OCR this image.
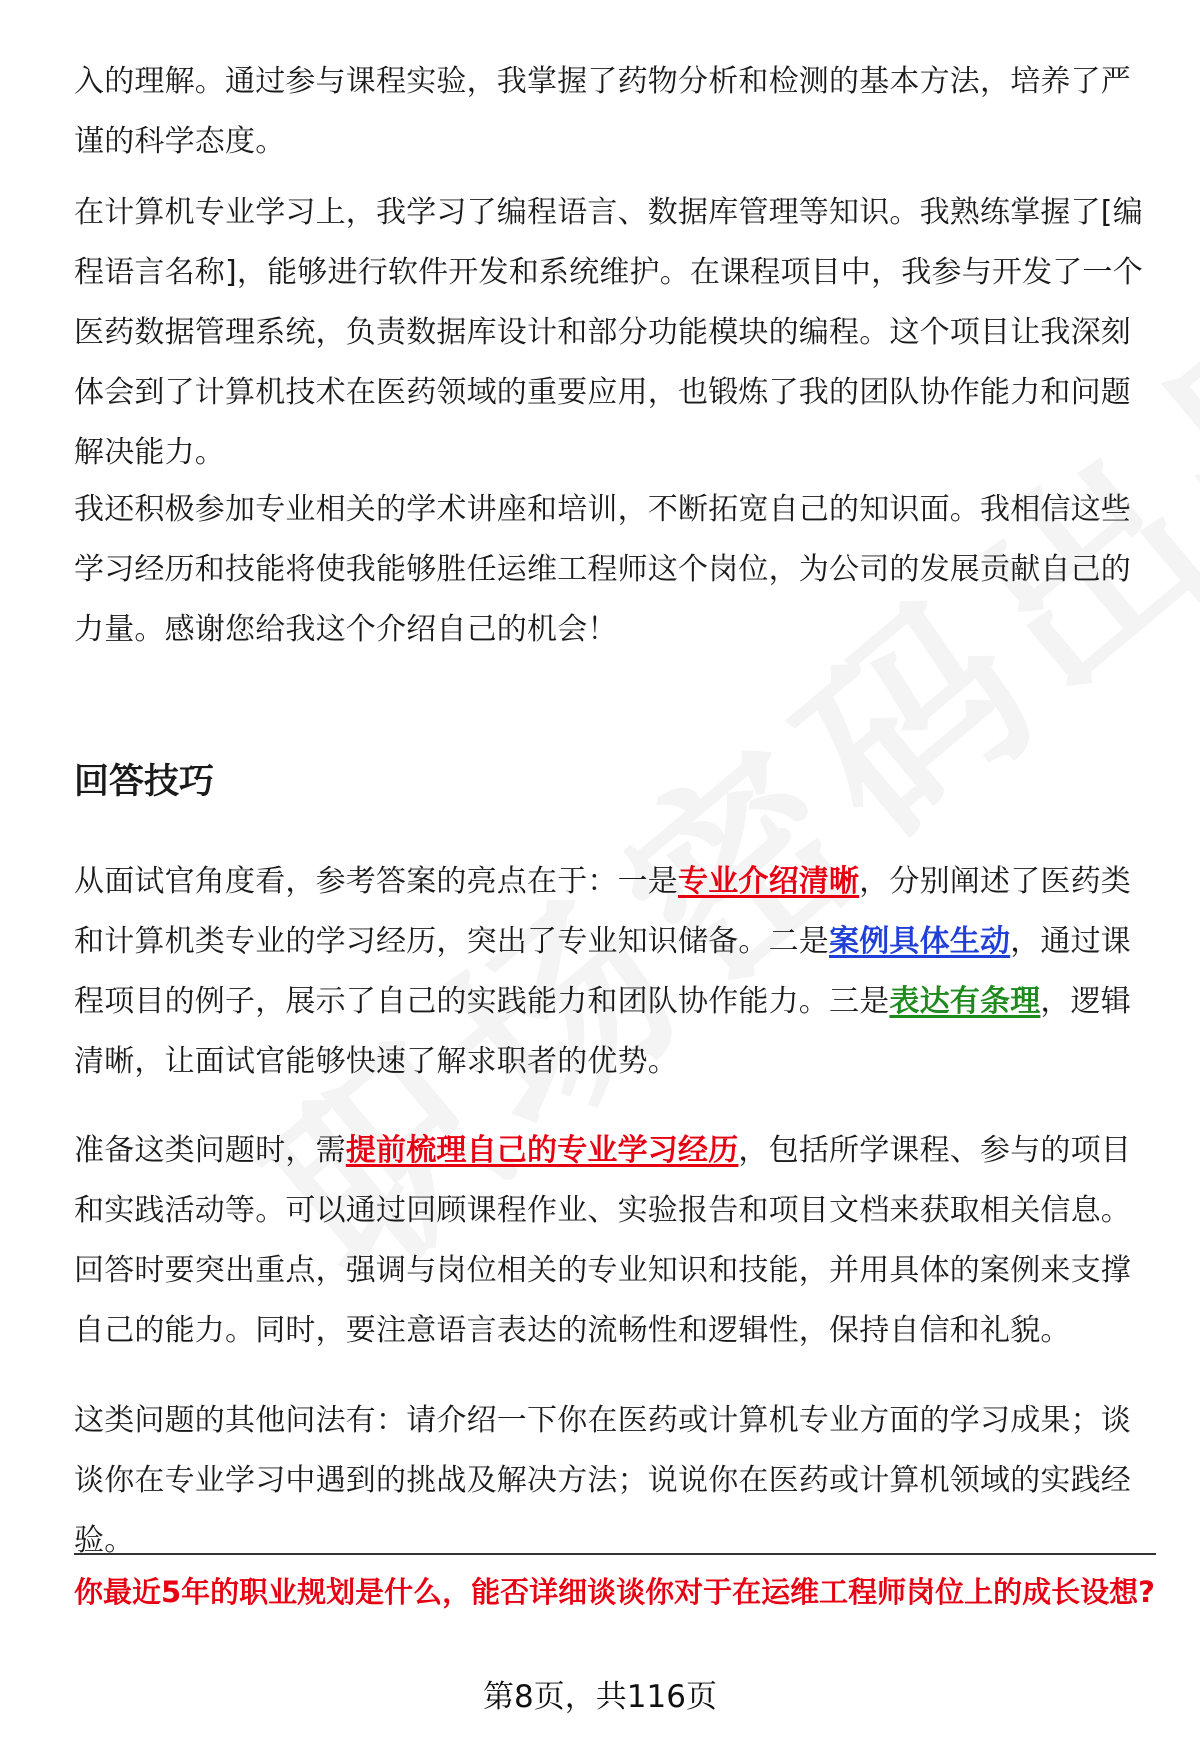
入的理解。通过参与课程实验，我掌握了药物分析和检测的基本方法，培养了严谨的科学态度。

在计算机专业学习上，我学习了编程语言、数据库管理等知识。我熟练掌握了[编程语言名称]，能够进行软件开发和系统维护。在课程项目中，我参与开发了一个医药数据管理系统，负责数据库设计和部分功能模块的编程。这个项目让我深刻体会到了计算机技术在医药领域的重要应用，也锻炼了我的团队协作能力和问题解决能力。

我还积极参加专业相关的学术讲座和培训，不断拓宽自己的知识面。我相信这些学习经历和技能将使我能够胜任运维工程师这个岗位，为公司的发展贡献自己的力量。感谢您给我这个介绍自己的机会！

回答技巧

从面试官角度看，参考答案的亮点在于：一是专业介绍清晰，分别阐述了医药类和计算机类专业的学习经历，突出了专业知识储备。二是案例具体生动，通过课程项目的例子，展示了自己的实践能力和团队协作能力。三是表达有条理，逻辑清晰，让面试官能够快速了解求职者的优势。

准备这类问题时，需提前梳理自己的专业学习经历，包括所学课程、参与的项目和实践活动等。可以通过回顾课程作业、实验报告和项目文档来获取相关信息。回答时要突出重点，强调与岗位相关的专业知识和技能，并用具体的案例来支撑自己的能力。同时，要注意语言表达的流畅性和逻辑性，保持自信和礼貌。

这类问题的其他问法有：请介绍一下你在医药或计算机专业方面的学习成果；谈谈你在专业学习中遇到的挑战及解决方法；说说你在医药或计算机领域的实践经验。

你最近5年的职业规划是什么，能否详细谈谈你对于在运维工程师岗位上的成长设想?

第8页，共116页
